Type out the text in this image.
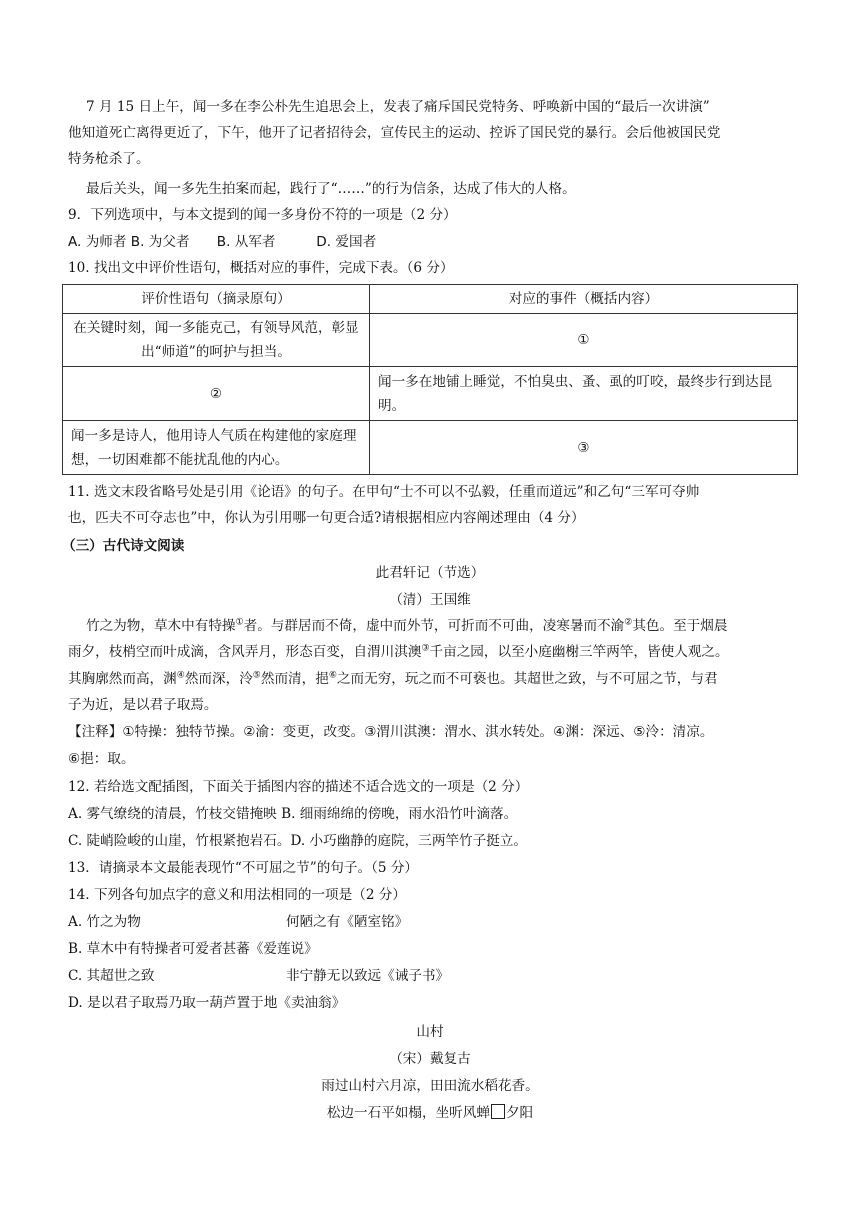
7 月 15 日上午，闻一多在李公朴先生追思会上，发表了痛斥国民党特务、呼唤新中国的“最后一次讲演”
他知道死亡离得更近了，下午，他开了记者招待会，宣传民主的运动、控诉了国民党的暴行。会后他被国民党
特务枪杀了。
最后关头，闻一多先生拍案而起，践行了“……”的行为信条，达成了伟大的人格。
9．下列选项中，与本文提到的闻一多身份不符的一项是（2 分）
A. 为师者 B. 为父者　　B. 从军者　　　D. 爱国者
10. 找出文中评价性语句，概括对应的事件，完成下表。（6 分）
评价性语句（摘录原句）	对应的事件（概括内容）
在关键时刻，闻一多能克己，有领导风范，彰显出“师道”的呵护与担当。	①
②	闻一多在地铺上睡觉，不怕臭虫、蚤、虱的叮咬，最终步行到达昆明。
闻一多是诗人，他用诗人气质在构建他的家庭理想，一切困难都不能扰乱他的内心。	③
11. 选文末段省略号处是引用《论语》的句子。在甲句“士不可以不弘毅，任重而道远”和乙句“三军可夺帅
也，匹夫不可夺志也”中，你认为引用哪一句更合适?请根据相应内容阐述理由（4 分）
（三）古代诗文阅读
此君轩记（节选）
（清）王国维
竹之为物，草木中有特操①者。与群居而不倚，虚中而外节，可折而不可曲，凌寒暑而不渝②其色。至于烟晨
雨夕，枝梢空而叶成滴，含风弄月，形态百变，自渭川淇澳③千亩之园，以至小庭幽榭三竿两竿，皆使人观之。
其胸廓然而高，渊④然而深，泠⑤然而清，挹⑥之而无穷，玩之而不可亵也。其超世之致，与不可屈之节，与君
子为近，是以君子取焉。
【注释】①特操：独特节操。②渝：变更，改变。③渭川淇澳：渭水、淇水转处。④渊：深远、⑤泠：清凉。
⑥挹：取。
12. 若给选文配插图，下面关于插图内容的描述不适合选文的一项是（2 分）
A. 雾气缭绕的清晨，竹枝交错掩映 B. 细雨绵绵的傍晚，雨水沿竹叶滴落。
C. 陡峭险峻的山崖，竹根紧抱岩石。D. 小巧幽静的庭院，三两竿竹子挺立。
13．请摘录本文最能表现竹“不可屈之节”的句子。（5 分）
14. 下列各句加点字的意义和用法相同的一项是（2 分）
A. 竹之为物	何陋之有《陋室铭》
B. 草木中有特操者可爱者甚蕃《爱莲说》
C. 其超世之致	非宁静无以致远《诫子书》
D. 是以君子取焉乃取一葫芦置于地《卖油翁》
山村
（宋）戴复古
雨过山村六月凉，田田流水稻花香。
松边一石平如榻，坐听风蝉 夕阳
